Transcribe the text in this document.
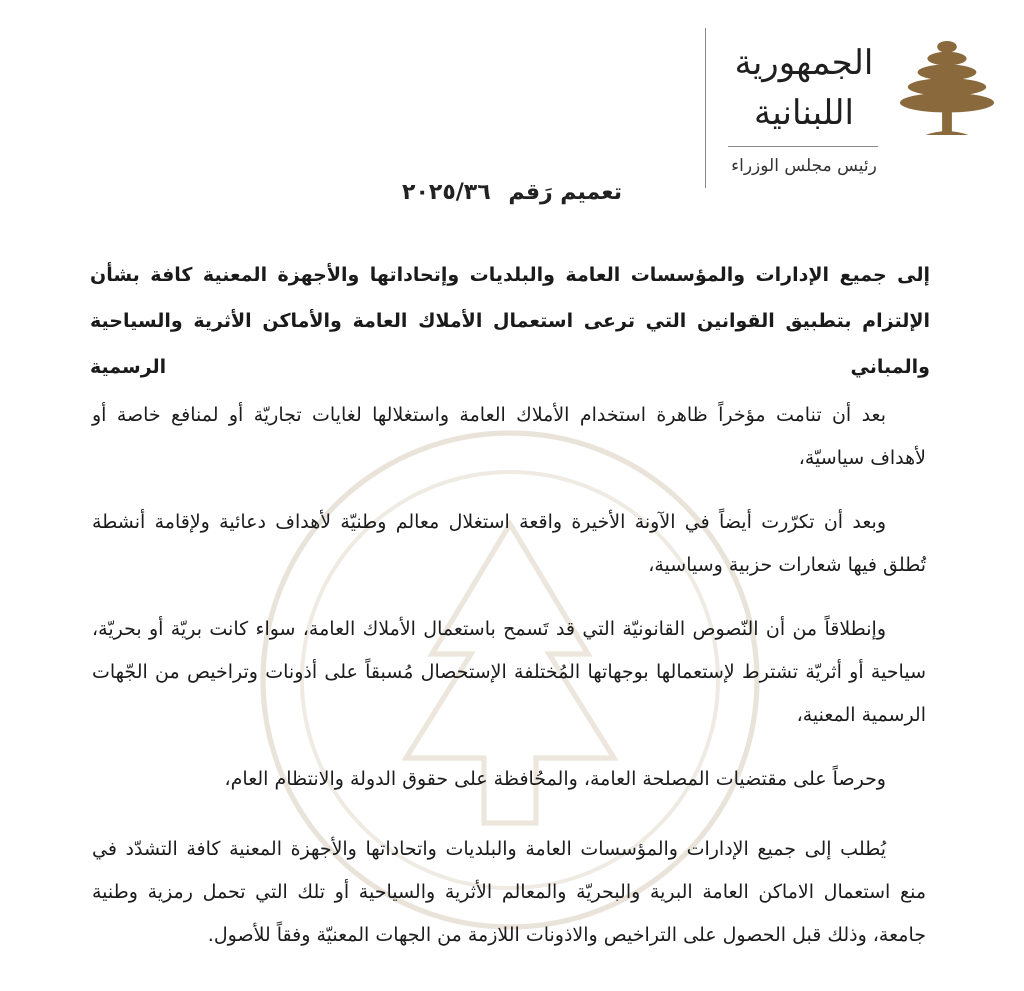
الجمهورية اللبنانية
رئيس مجلس الوزراء
تعميم رَقم ٢٠٢٥/٣٦
إلى جميع الإدارات والمؤسسات العامة والبلديات وإتحاداتها والأجهزة المعنية كافة بشأن الإلتزام بتطبيق القوانين التي ترعى استعمال الأملاك العامة والأماكن الأثرية والسياحية والمباني الرسمية

بعد أن تنامت مؤخراً ظاهرة استخدام الأملاك العامة واستغلالها لغايات تجاريّة أو لمنافع خاصة أو لأهداف سياسيّة،

وبعد أن تكرّرت أيضاً في الآونة الأخيرة واقعة استغلال معالم وطنيّة لأهداف دعائية ولإقامة أنشطة تُطلق فيها شعارات حزبية وسياسية،

وإنطلاقاً من أن النّصوص القانونيّة التي قد تَسمح باستعمال الأملاك العامة، سواء كانت بريّة أو بحريّة، سياحية أو أثريّة تشترط لإستعمالها بوجهاتها المُختلفة الإستحصال مُسبقاً على أذونات وتراخيص من الجّهات الرسمية المعنية،

وحرصاً على مقتضيات المصلحة العامة، والمحُافظة على حقوق الدولة والانتظام العام،

يُطلب إلى جميع الإدارات والمؤسسات العامة والبلديات واتحاداتها والأجهزة المعنية كافة التشدّد في منع استعمال الاماكن العامة البرية والبحريّة والمعالم الأثرية والسياحية أو تلك التي تحمل رمزية وطنية جامعة، وذلك قبل الحصول على التراخيص والاذونات اللازمة من الجهات المعنيّة وفقاً للأصول.
